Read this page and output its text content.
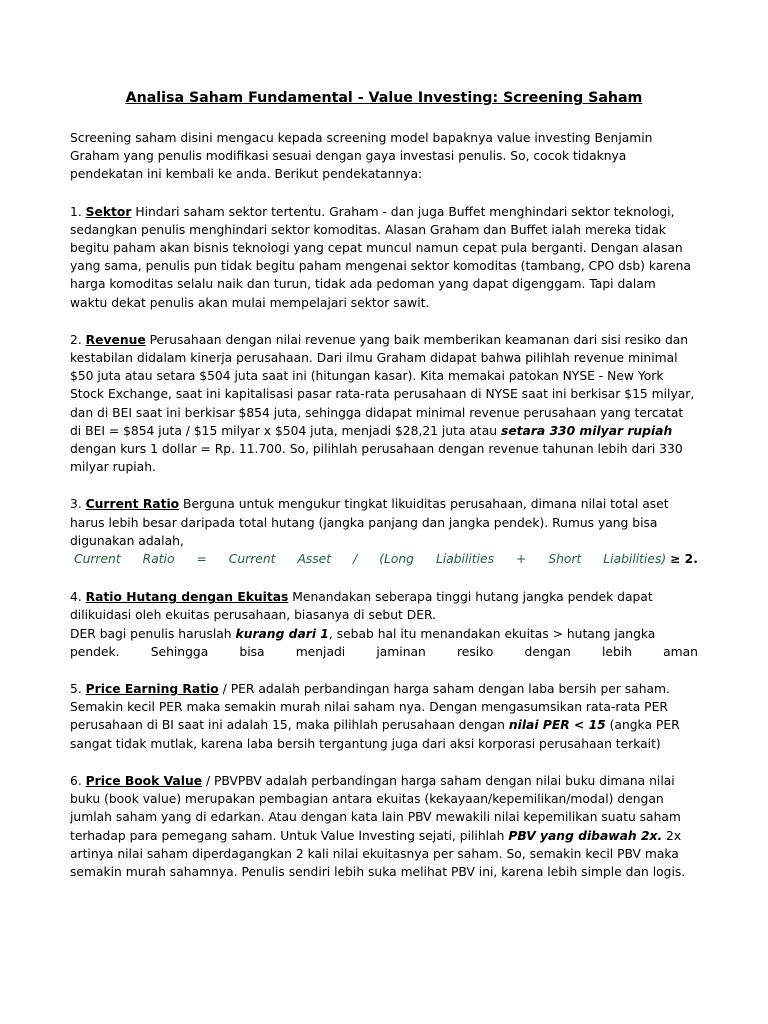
Analisa Saham Fundamental - Value Investing: Screening Saham
Screening saham disini mengacu kepada screening model bapaknya value investing Benjamin
Graham yang penulis modifikasi sesuai dengan gaya investasi penulis. So, cocok tidaknya
pendekatan ini kembali ke anda. Berikut pendekatannya:
1. Sektor Hindari saham sektor tertentu. Graham - dan juga Buffet menghindari sektor teknologi,
sedangkan penulis menghindari sektor komoditas. Alasan Graham dan Buffet ialah mereka tidak
begitu paham akan bisnis teknologi yang cepat muncul namun cepat pula berganti. Dengan alasan
yang sama, penulis pun tidak begitu paham mengenai sektor komoditas (tambang, CPO dsb) karena
harga komoditas selalu naik dan turun, tidak ada pedoman yang dapat digenggam. Tapi dalam
waktu dekat penulis akan mulai mempelajari sektor sawit.
2. Revenue Perusahaan dengan nilai revenue yang baik memberikan keamanan dari sisi resiko dan
kestabilan didalam kinerja perusahaan. Dari ilmu Graham didapat bahwa pilihlah revenue minimal
$50 juta atau setara $504 juta saat ini (hitungan kasar). Kita memakai patokan NYSE - New York
Stock Exchange, saat ini kapitalisasi pasar rata-rata perusahaan di NYSE saat ini berkisar $15 milyar,
dan di BEI saat ini berkisar $854 juta, sehingga didapat minimal revenue perusahaan yang tercatat
di BEI = $854 juta / $15 milyar x $504 juta, menjadi $28,21 juta atau setara 330 milyar rupiah
dengan kurs 1 dollar = Rp. 11.700. So, pilihlah perusahaan dengan revenue tahunan lebih dari 330
milyar rupiah.
3. Current Ratio Berguna untuk mengukur tingkat likuiditas perusahaan, dimana nilai total aset
harus lebih besar daripada total hutang (jangka panjang dan jangka pendek). Rumus yang bisa
digunakan adalah,
Current Ratio = Current Asset / (Long Liabilities + Short Liabilities) ≥ 2.
4. Ratio Hutang dengan Ekuitas Menandakan seberapa tinggi hutang jangka pendek dapat
dilikuidasi oleh ekuitas perusahaan, biasanya di sebut DER.
DER bagi penulis haruslah kurang dari 1, sebab hal itu menandakan ekuitas > hutang jangka
pendek.	Sehingga	bisa	menjadi	jaminan	resiko	dengan	lebih	aman
5. Price Earning Ratio / PER adalah perbandingan harga saham dengan laba bersih per saham.
Semakin kecil PER maka semakin murah nilai saham nya. Dengan mengasumsikan rata-rata PER
perusahaan di BI saat ini adalah 15, maka pilihlah perusahaan dengan nilai PER < 15 (angka PER
sangat tidak mutlak, karena laba bersih tergantung juga dari aksi korporasi perusahaan terkait)
6. Price Book Value / PBVPBV adalah perbandingan harga saham dengan nilai buku dimana nilai
buku (book value) merupakan pembagian antara ekuitas (kekayaan/kepemilikan/modal) dengan
jumlah saham yang di edarkan. Atau dengan kata lain PBV mewakili nilai kepemilikan suatu saham
terhadap para pemegang saham. Untuk Value Investing sejati, pilihlah PBV yang dibawah 2x. 2x
artinya nilai saham diperdagangkan 2 kali nilai ekuitasnya per saham. So, semakin kecil PBV maka
semakin murah sahamnya. Penulis sendiri lebih suka melihat PBV ini, karena lebih simple dan logis.
